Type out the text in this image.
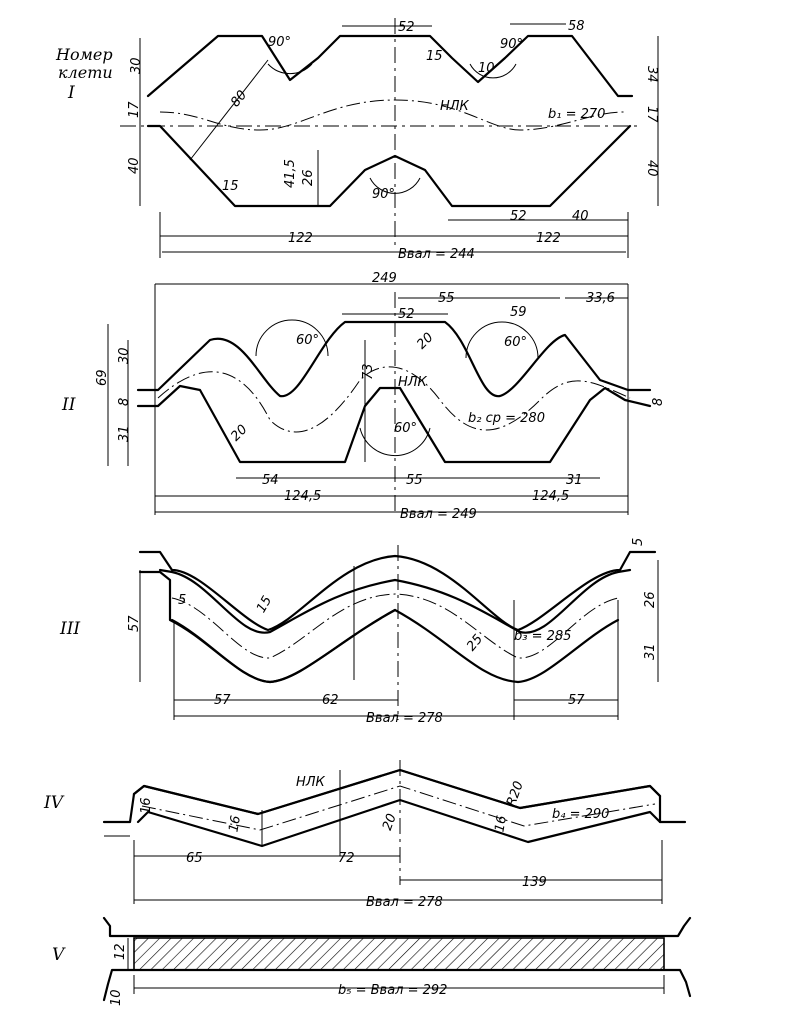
Номер
клети
I
52	58
90°	90°
15
10
30
17
40
80
41,5 26
15
90°
НЛК
b₁ = 270
34
17
40
52	40
122	122
Bвал = 244
II
249
55
52	59
33,6
60°	60°
20
69
30
8
31
73
НЛК
b₂ ср = 280
60°
20
8
54	55	31
124,5	124,5
Bвал = 249
III
5
15
57
5	26
31
25 b₃ = 285
57	62	57
Bвал = 278
IV
НЛК	R20
b₄ = 290
16
16	16
20
65	72
139
Bвал = 278
V	12
10	b₅ = Bвал = 292
